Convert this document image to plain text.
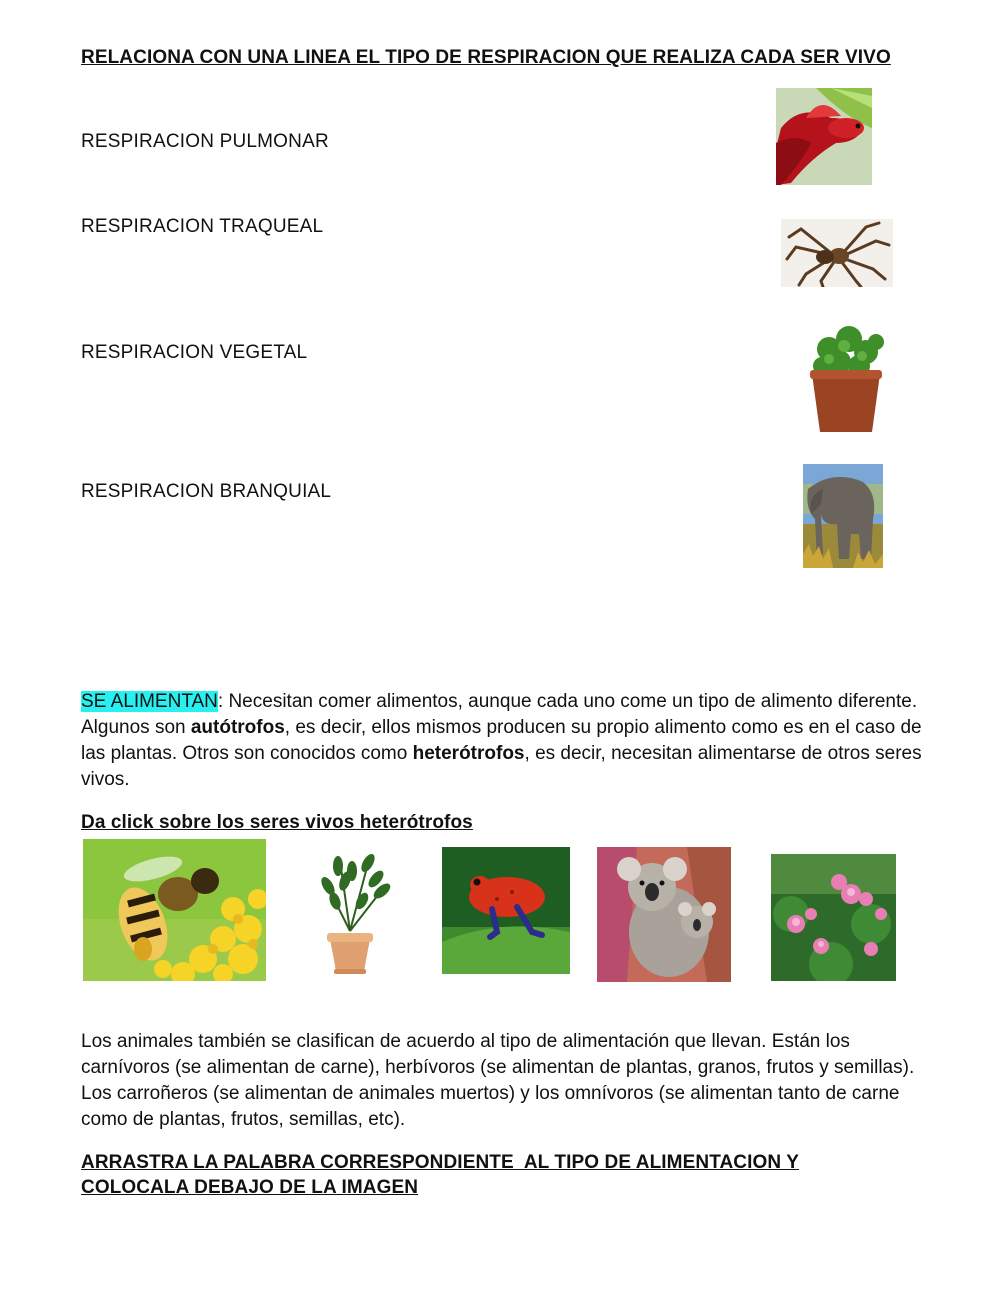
RELACIONA CON UNA LINEA EL TIPO DE RESPIRACION QUE REALIZA CADA SER VIVO
RESPIRACION PULMONAR
RESPIRACION TRAQUEAL
RESPIRACION VEGETAL
RESPIRACION BRANQUIAL
SE ALIMENTAN: Necesitan comer alimentos, aunque cada uno come un tipo de alimento diferente. Algunos son autótrofos, es decir, ellos mismos producen su propio alimento como es en el caso de las plantas. Otros son conocidos como heterótrofos, es decir, necesitan alimentarse de otros seres vivos.
Da click sobre los seres vivos heterótrofos
Los animales también se clasifican de acuerdo al tipo de alimentación que llevan. Están los carnívoros (se alimentan de carne), herbívoros (se alimentan de plantas, granos, frutos y semillas). Los carroñeros (se alimentan de animales muertos) y los omnívoros (se alimentan tanto de carne como de plantas, frutos, semillas, etc).
ARRASTRA LA PALABRA CORRESPONDIENTE  AL TIPO DE ALIMENTACION Y
COLOCALA DEBAJO DE LA IMAGEN
